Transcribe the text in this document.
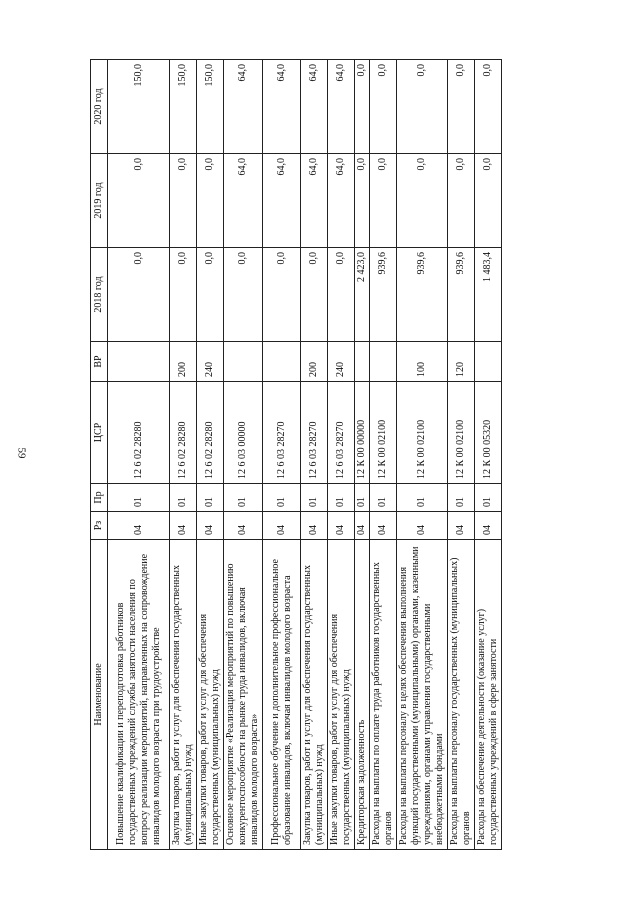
59
Наименование	Рз	Пр	ЦСР	ВР	2018 год	2019 год	2020 год
Повышение квалификации и переподготовка работников государственных учреждений службы занятости населения по вопросу реализации мероприятий, направленных на сопровождение инвалидов молодого возраста при трудоустройстве	04	01	12 6 02 28280		0,0	0,0	150,0
Закупка товаров, работ и услуг для обеспечения государственных (муниципальных) нужд	04	01	12 6 02 28280	200	0,0	0,0	150,0
Иные закупки товаров, работ и услуг для обеспечения государственных (муниципальных) нужд	04	01	12 6 02 28280	240	0,0	0,0	150,0
Основное мероприятие «Реализация мероприятий по повышению конкурентоспособности на рынке труда инвалидов, включая инвалидов молодого возраста»	04	01	12 6 03 00000		0,0	64,0	64,0
Профессиональное обучение и дополнительное профессиональное образование инвалидов, включая инвалидов молодого возраста	04	01	12 6 03 28270		0,0	64,0	64,0
Закупка товаров, работ и услуг для обеспечения государственных (муниципальных) нужд	04	01	12 6 03 28270	200	0,0	64,0	64,0
Иные закупки товаров, работ и услуг для обеспечения государственных (муниципальных) нужд	04	01	12 6 03 28270	240	0,0	64,0	64,0
Кредиторская задолженность	04	01	12 К 00 00000		2 423,0	0,0	0,0
Расходы на выплаты по оплате труда работников государственных органов	04	01	12 К 00 02100		939,6	0,0	0,0
Расходы на выплаты персоналу в целях обеспечения выполнения функций государственными (муниципальными) органами, казенными учреждениями, органами управления государственными внебюджетными фондами	04	01	12 К 00 02100	100	939,6	0,0	0,0
Расходы на выплаты персоналу государственных (муниципальных) органов	04	01	12 К 00 02100	120	939,6	0,0	0,0
Расходы на обеспечение деятельности (оказание услуг) государственных учреждений в сфере занятости	04	01	12 К 00 05320		1 483,4	0,0	0,0
